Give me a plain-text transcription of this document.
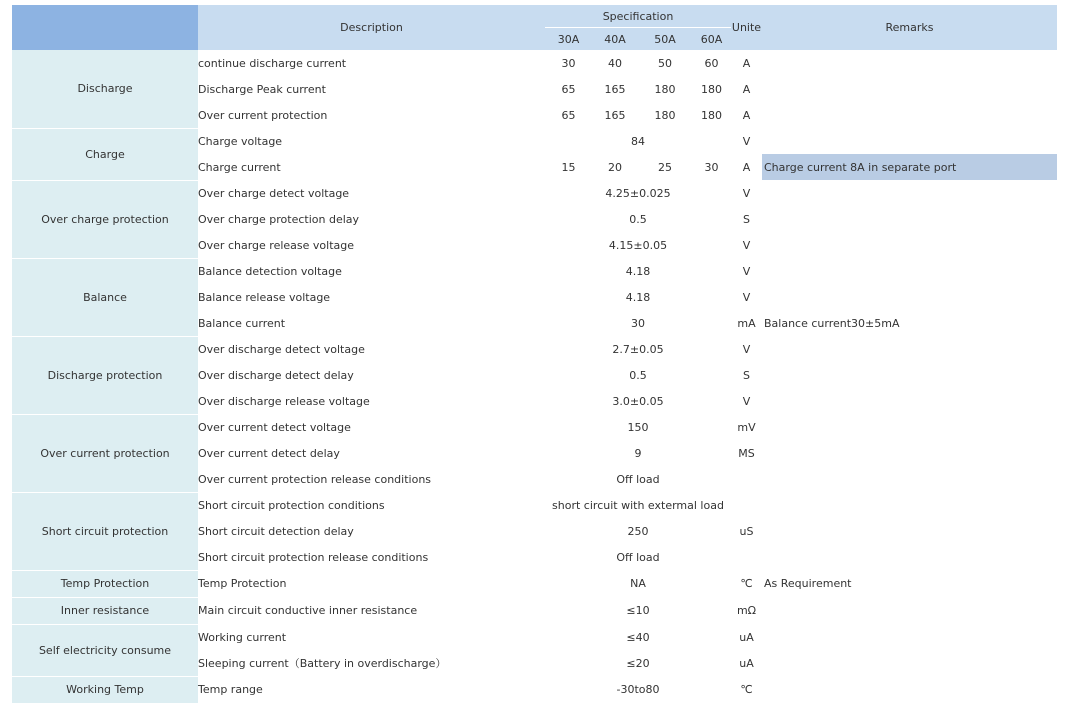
	Description	Specification				Unite	Remarks
		30A	40A	50A	60A		
Discharge	continue discharge current	30	40	50	60	A	
	Discharge Peak current	65	165	180	180	A	
	Over current protection	65	165	180	180	A	
Charge	Charge voltage	84				V	
	Charge current	15	20	25	30	A	Charge current 8A in separate port
Over charge protection	Over charge detect voltage	4.25±0.025				V	
	Over charge protection delay	0.5				S	
	Over charge release voltage	4.15±0.05				V	
Balance	Balance detection voltage	4.18				V	
	Balance release voltage	4.18				V	
	Balance current	30				mA	Balance current30±5mA
Discharge protection	Over discharge detect voltage	2.7±0.05				V	
	Over discharge detect delay	0.5				S	
	Over discharge release voltage	3.0±0.05				V	
Over current protection	Over current detect voltage	150				mV	
	Over current detect delay	9				MS	
	Over current protection release conditions	Off load					
Short circuit protection	Short circuit protection conditions	short circuit with extermal load					
	Short circuit detection delay	250				uS	
	Short circuit protection release conditions	Off load					
Temp Protection	Temp Protection	NA				℃	As Requirement
Inner resistance	Main circuit conductive inner resistance	≤10				mΩ	
Self electricity consume	Working current	≤40				uA	
	Sleeping current（Battery in overdischarge）	≤20				uA	
Working Temp	Temp range	-30to80				℃	
